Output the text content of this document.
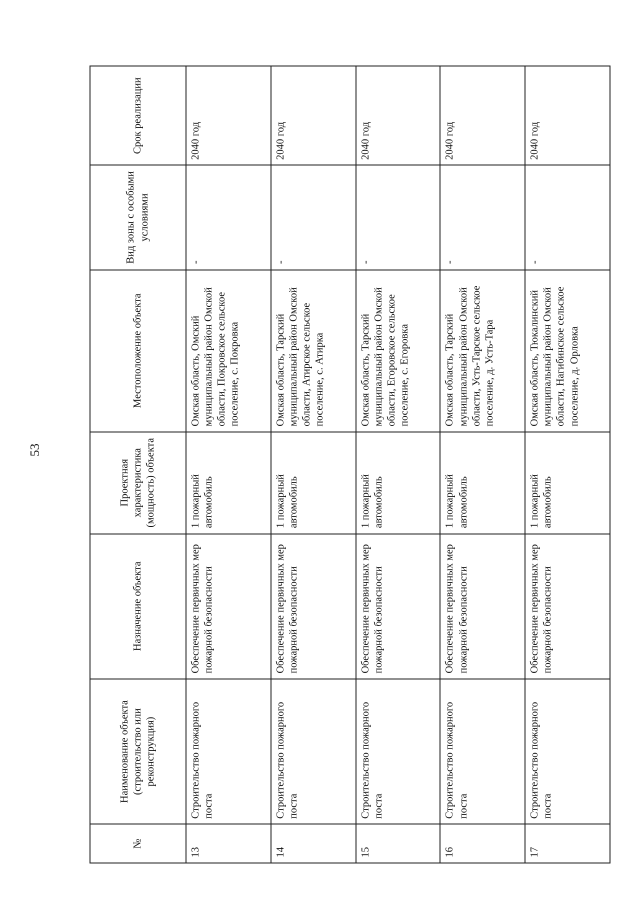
53
№	Наименование объекта (строительство или реконструкция)	Назначение объекта	Проектная характеристика (мощность) объекта	Местоположение объекта	Вид зоны с особыми условиями	Срок реализации
13	Строительство пожарного поста	Обеспечение первичных мер пожарной безопасности	1 пожарный автомобиль	Омская область, Омский муниципальный район Омской области, Покровское сельское поселение, с. Покровка	-	2040 год
14	Строительство пожарного поста	Обеспечение первичных мер пожарной безопасности	1 пожарный автомобиль	Омская область, Тарский муниципальный район Омской области, Атирское сельское поселение, с. Атирка	-	2040 год
15	Строительство пожарного поста	Обеспечение первичных мер пожарной безопасности	1 пожарный автомобиль	Омская область, Тарский муниципальный район Омской области, Егоровское сельское поселение, с. Егоровка	-	2040 год
16	Строительство пожарного поста	Обеспечение первичных мер пожарной безопасности	1 пожарный автомобиль	Омская область, Тарский муниципальный район Омской области, Усть-Тарское сельское поселение, д. Усть-Тара	-	2040 год
17	Строительство пожарного поста	Обеспечение первичных мер пожарной безопасности	1 пожарный автомобиль	Омская область, Тюкалинский муниципальный район Омской области, Нагибинское сельское поселение, д. Орловка	-	2040 год
